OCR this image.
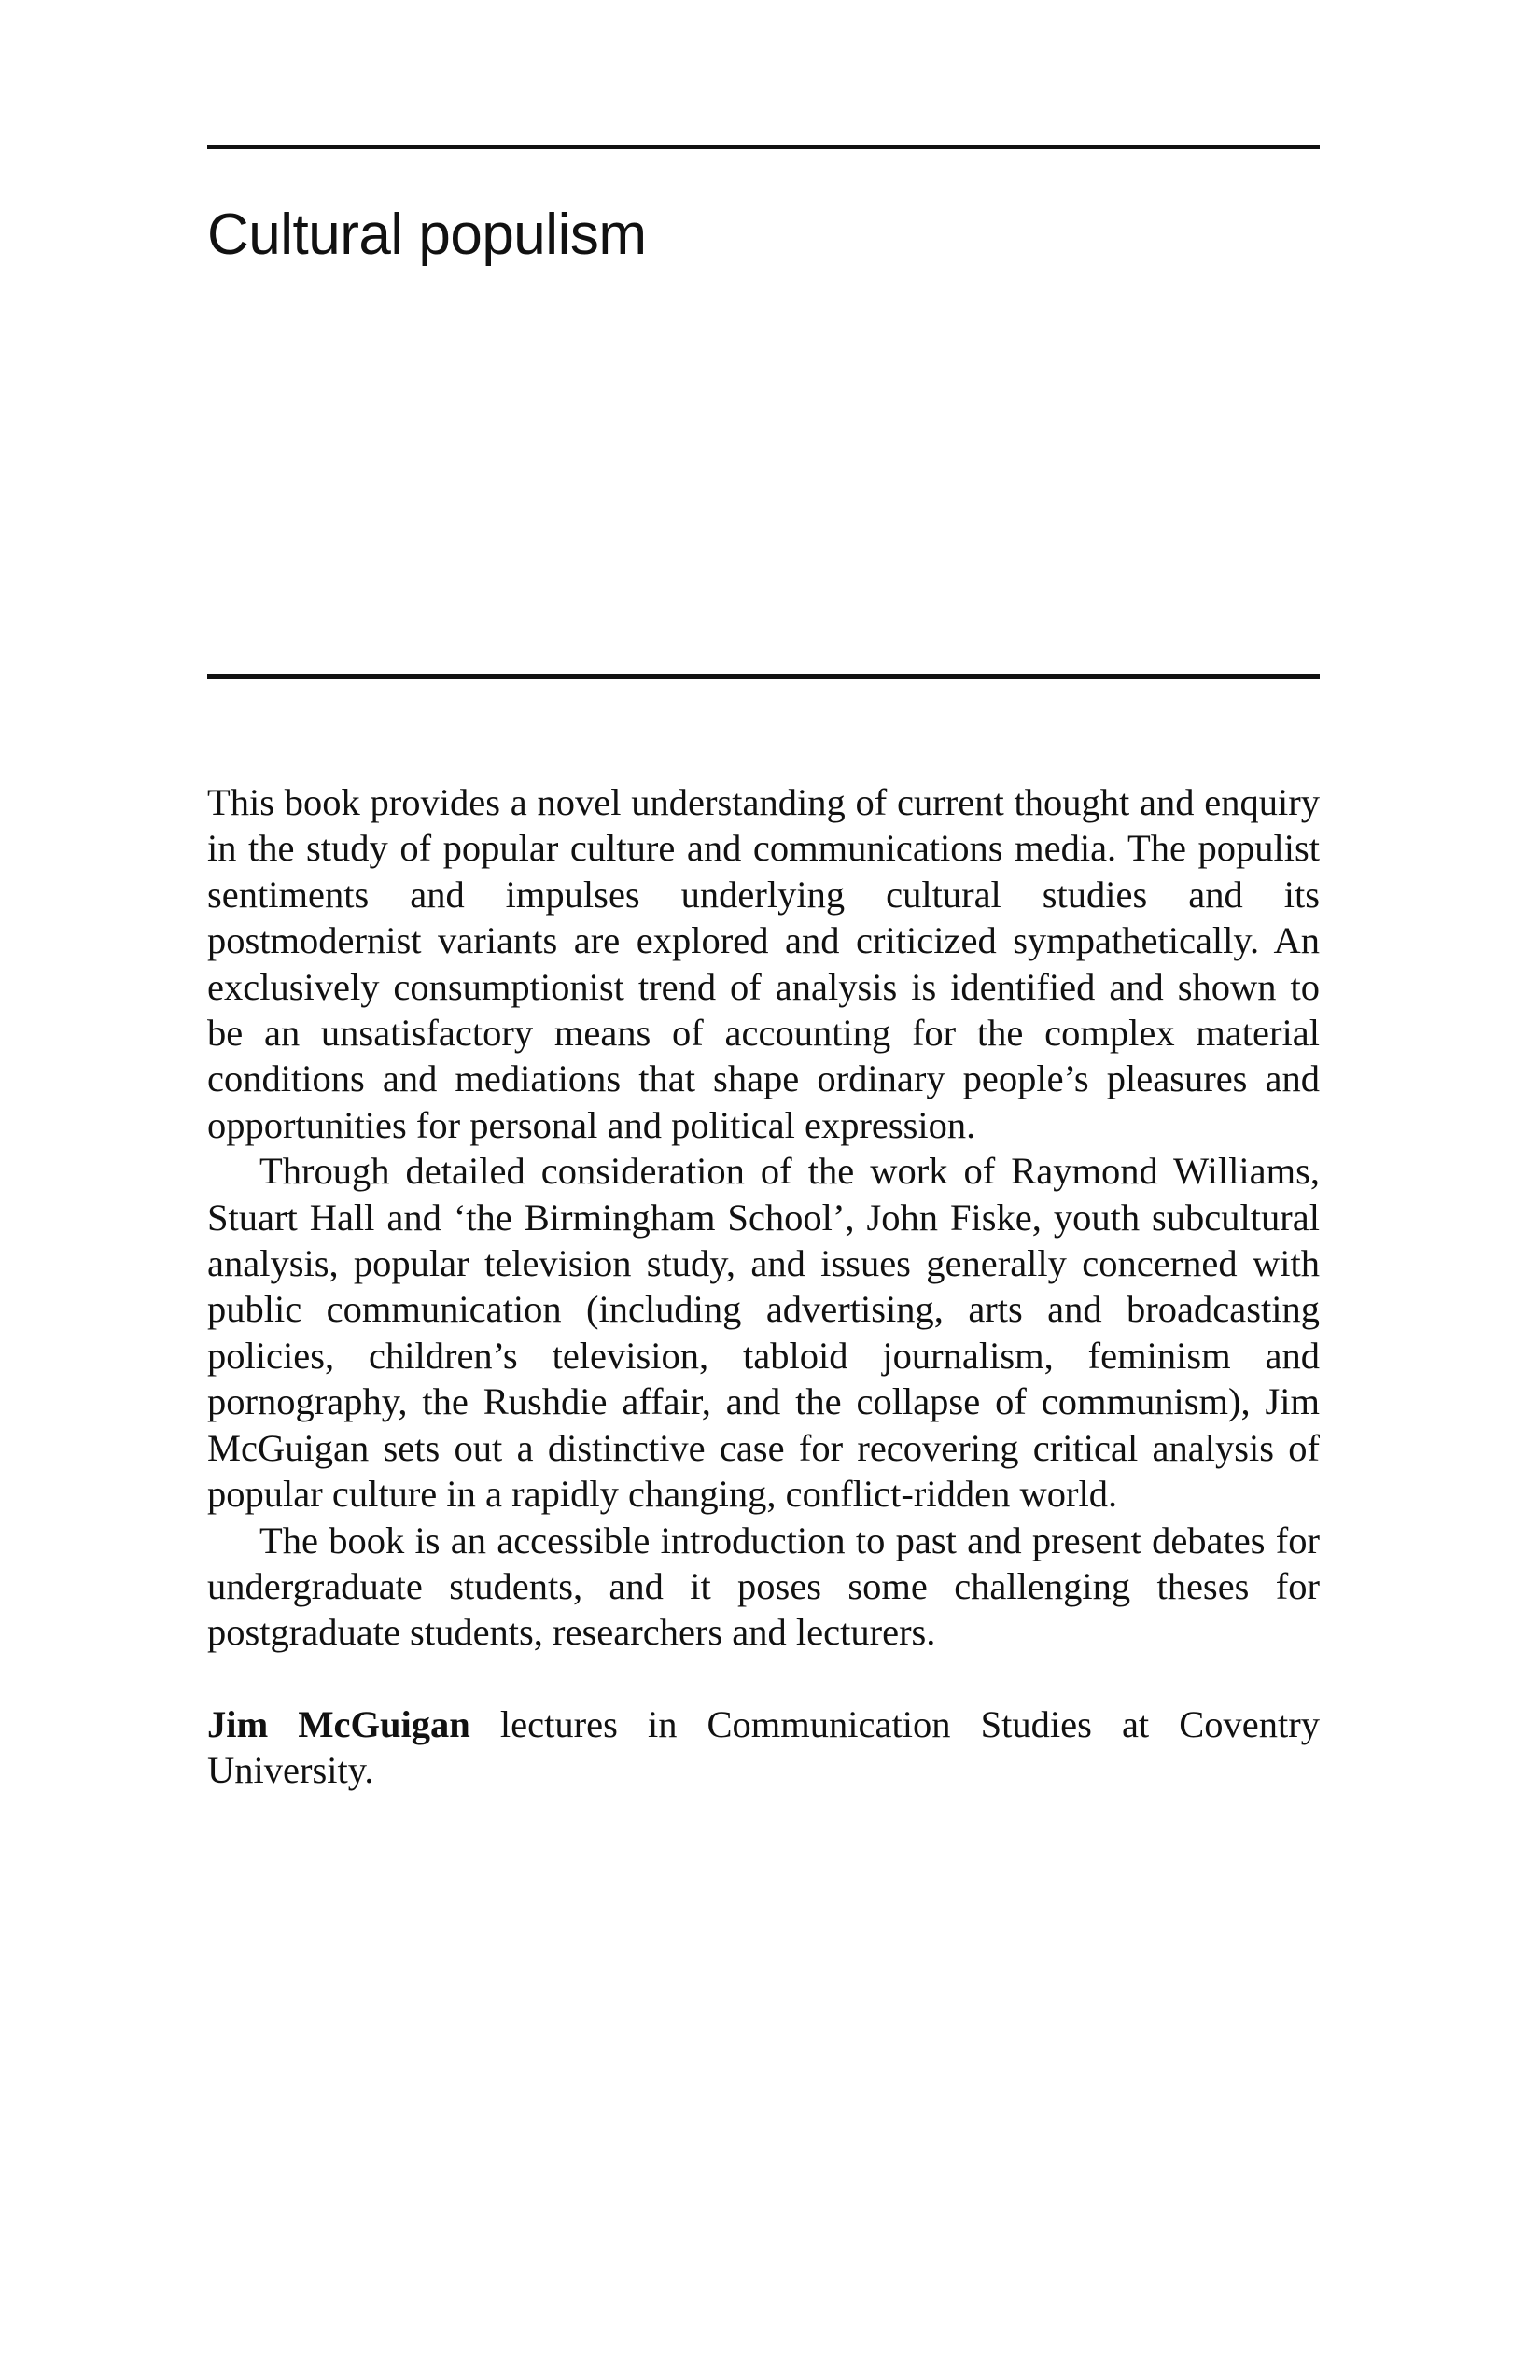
Cultural populism

This book provides a novel understanding of current thought and enquiry in the study of popular culture and communications media. The populist sentiments and impulses underlying cultural studies and its postmodernist variants are explored and criticized sympathetically. An exclusively consumptionist trend of analysis is identified and shown to be an unsatisfactory means of accounting for the complex material conditions and mediations that shape ordinary people’s pleasures and opportunities for personal and political expression.

Through detailed consideration of the work of Raymond Williams, Stuart Hall and ‘the Birmingham School’, John Fiske, youth subcultural analysis, popular television study, and issues generally concerned with public communication (including advertising, arts and broadcasting policies, children’s television, tabloid journalism, feminism and pornography, the Rushdie affair, and the collapse of communism), Jim McGuigan sets out a distinctive case for recovering critical analysis of popular culture in a rapidly changing, conflict-ridden world.

The book is an accessible introduction to past and present debates for undergraduate students, and it poses some challenging theses for postgraduate students, researchers and lecturers.

Jim McGuigan lectures in Communication Studies at Coventry University.
